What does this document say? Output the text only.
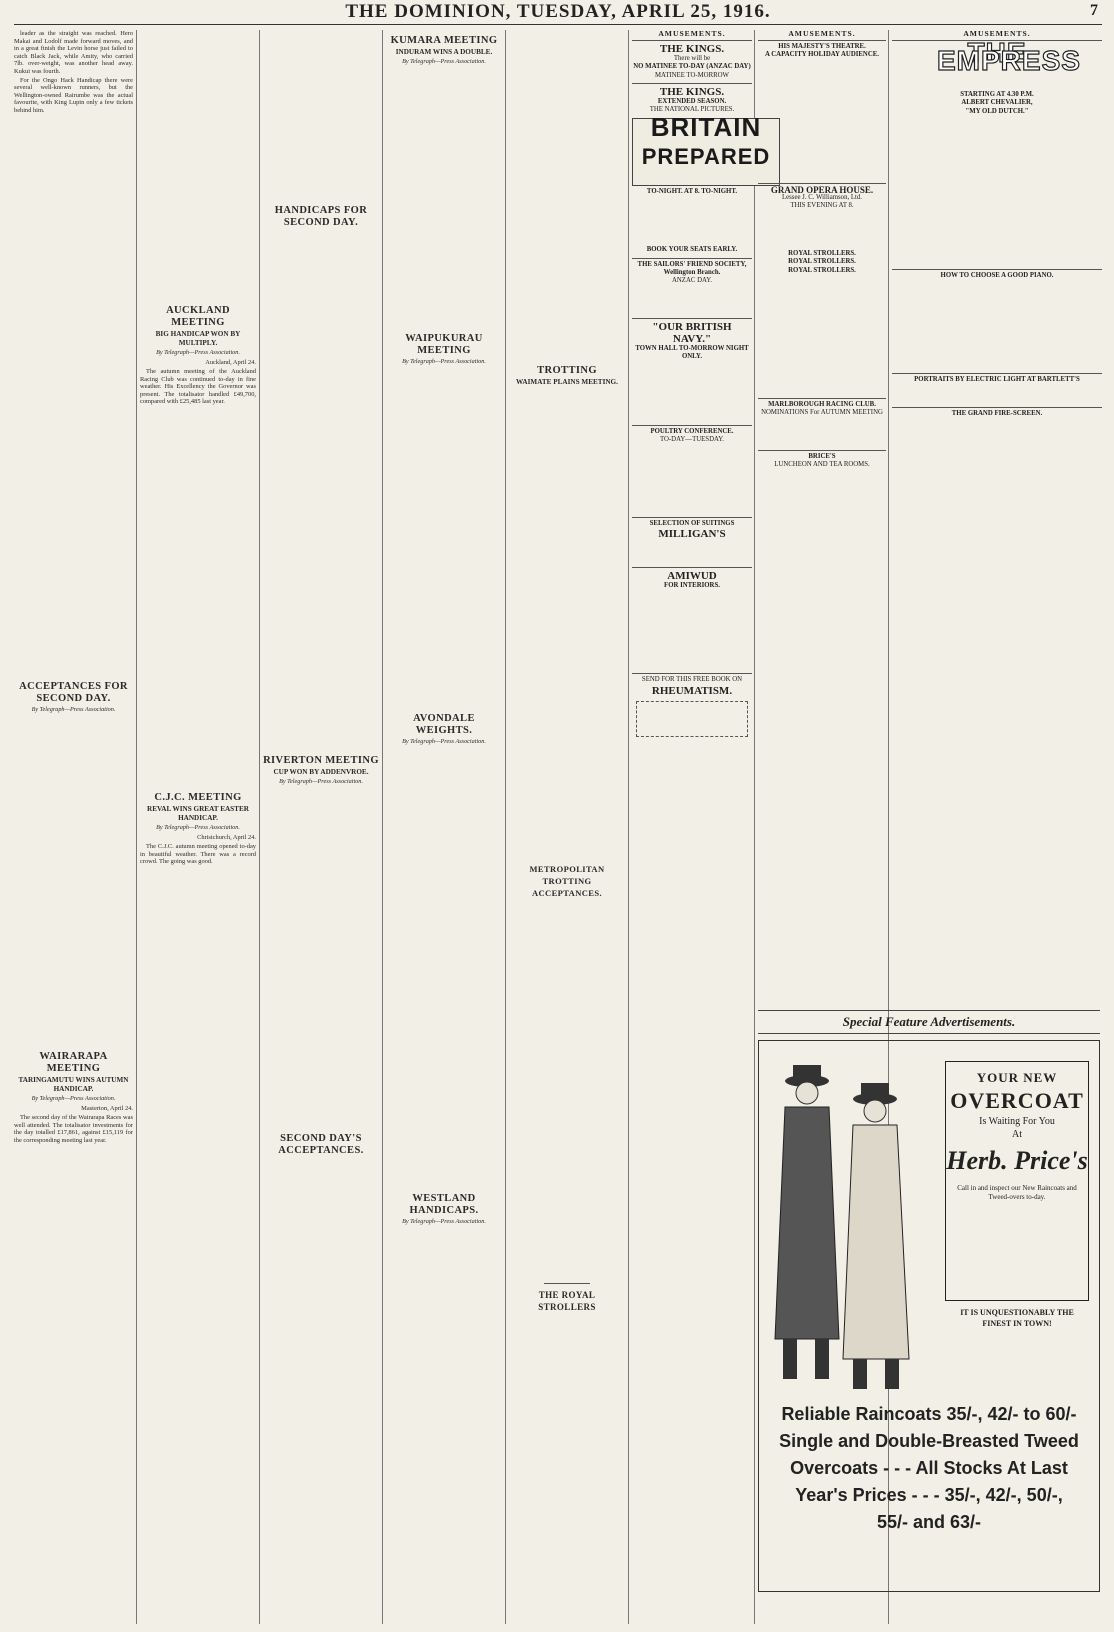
THE DOMINION, TUESDAY, APRIL 25, 1916.	7

leader as the straight was reached. Hero Makai and Lodolf made forward moves, and in a great finish the Levin horse just failed to catch Black Jack, while Amity, who carried 7lb. over-weight, was another head away. Kukui was fourth.

For the Ongo Hack Handicap there were several well-known runners, but the Wellington-owned Rairumbe was the actual favourite, with King Lupin only a few tickets behind him.

ACCEPTANCES FOR SECOND DAY.
By Telegraph—Press Association.

WAIRARAPA MEETING
TARINGAMUTU WINS AUTUMN HANDICAP.
By Telegraph—Press Association.

Masterton, April 24.

The second day of the Wairarapa Races was well attended. The totalisator investments for the day totalled £17,861, against £15,119 for the corresponding meeting last year.

AUCKLAND MEETING
BIG HANDICAP WON BY MULTIPLY.
By Telegraph—Press Association.

Auckland, April 24.

The autumn meeting of the Auckland Racing Club was continued to-day in fine weather. His Excellency the Governor was present. The totalisator handled £49,700, compared with £25,485 last year.

C.J.C. MEETING
REVAL WINS GREAT EASTER HANDICAP.
By Telegraph—Press Association.

Christchurch, April 24.

The C.J.C. autumn meeting opened to-day in beautiful weather. There was a record crowd. The going was good.

HANDICAPS FOR SECOND DAY.

RIVERTON MEETING
CUP WON BY ADDENVROE.
By Telegraph—Press Association.

SECOND DAY'S ACCEPTANCES.
KUMARA MEETING
INDURAM WINS A DOUBLE.
By Telegraph—Press Association.

WAIPUKURAU MEETING
By Telegraph—Press Association.

AVONDALE WEIGHTS.
By Telegraph—Press Association.

WESTLAND HANDICAPS.
By Telegraph—Press Association.

TROTTING
WAIMATE PLAINS MEETING.

METROPOLITAN TROTTING ACCEPTANCES.

THE ROYAL STROLLERS
AMUSEMENTS.
THE KINGS.
There will be
NO MATINEE TO-DAY (ANZAC DAY)
MATINEE TO-MORROW
THE KINGS.
EXTENDED SEASON.
THE NATIONAL PICTURES.
BRITAIN
PREPARED
TO-NIGHT. AT 8. TO-NIGHT.
BOOK YOUR SEATS EARLY.
THE SAILORS' FRIEND SOCIETY, Wellington Branch.
ANZAC DAY.
"OUR BRITISH NAVY."
TOWN HALL TO-MORROW NIGHT ONLY.
POULTRY CONFERENCE.
TO-DAY—TUESDAY.
SELECTION OF SUITINGS
MILLIGAN'S
AMIWUD
FOR INTERIORS.
SEND FOR THIS FREE BOOK ON
RHEUMATISM.
AMUSEMENTS.
HIS MAJESTY'S THEATRE.
A CAPACITY HOLIDAY AUDIENCE.
GRAND OPERA HOUSE.
Lessee J. C. Williamson, Ltd.
THIS EVENING AT 8.
ROYAL STROLLERS.
ROYAL STROLLERS.
ROYAL STROLLERS.
MARLBOROUGH RACING CLUB.
NOMINATIONS For AUTUMN MEETING
BRICE'S
LUNCHEON AND TEA ROOMS.
AMUSEMENTS.
THE EMPRESS
STARTING AT 4.30 P.M.
ALBERT CHEVALIER,
"MY OLD DUTCH."
HOW TO CHOOSE A GOOD PIANO.
PORTRAITS BY ELECTRIC LIGHT AT BARTLETT'S
THE GRAND FIRE-SCREEN.
Special Feature Advertisements.
YOUR NEW
OVERCOAT
Is Waiting For You
At
Herb. Price's
Call in and inspect our New Raincoats and Tweed-overs to-day.
IT IS UNQUESTIONABLY THE FINEST IN TOWN!
Reliable Raincoats 35/-, 42/- to 60/-
Single and Double-Breasted Tweed
Overcoats - - - All Stocks At Last
Year's Prices - - - 35/-, 42/-, 50/-,
55/- and 63/-
